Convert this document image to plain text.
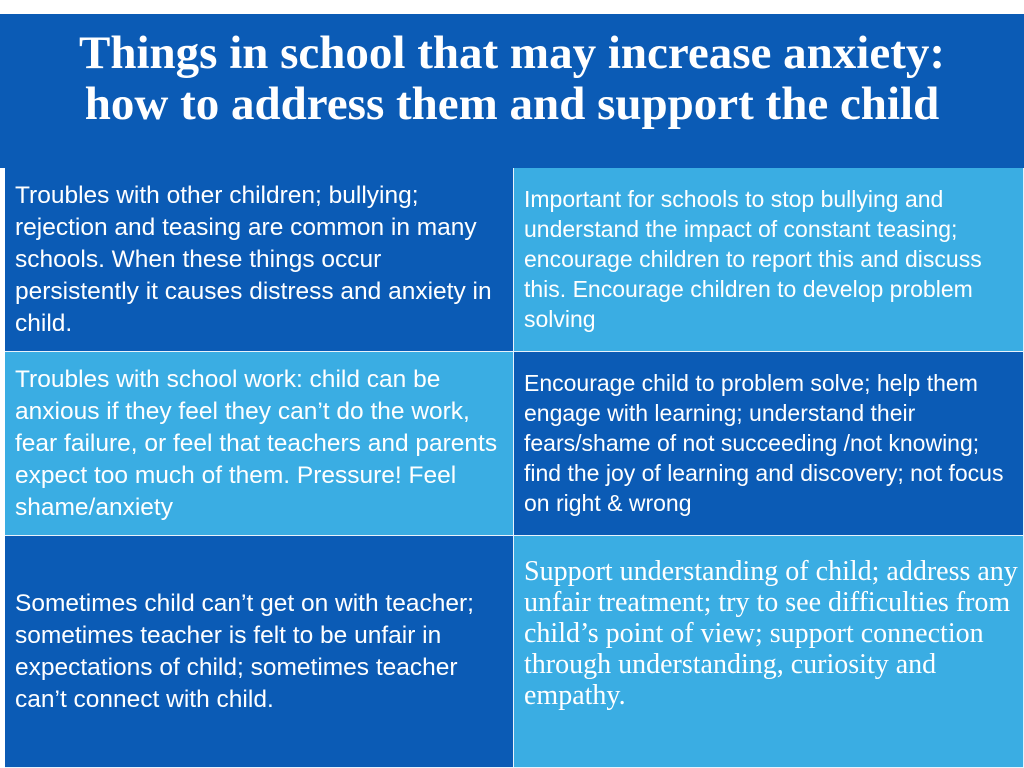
Things in school that may increase anxiety:
how to address them and support the child
Troubles with other children; bullying; rejection and teasing are common in many schools. When these things occur persistently it causes distress and anxiety in child.
Important for schools to stop bullying and understand the impact of constant teasing; encourage children to report this and discuss this. Encourage children to develop problem solving
Troubles with school work: child can be anxious if they feel they can’t do the work, fear failure, or feel that teachers and parents expect too much of them. Pressure! Feel shame/anxiety
Encourage child to problem solve; help them engage with learning; understand their fears/shame of not succeeding /not knowing; find the joy of learning and discovery; not focus on right & wrong
Sometimes child can’t get on with teacher; sometimes teacher is felt to be unfair in expectations of child; sometimes teacher can’t connect with child.
Support understanding of child; address any unfair treatment; try to see difficulties from child’s point of view; support connection through understanding, curiosity and empathy.
